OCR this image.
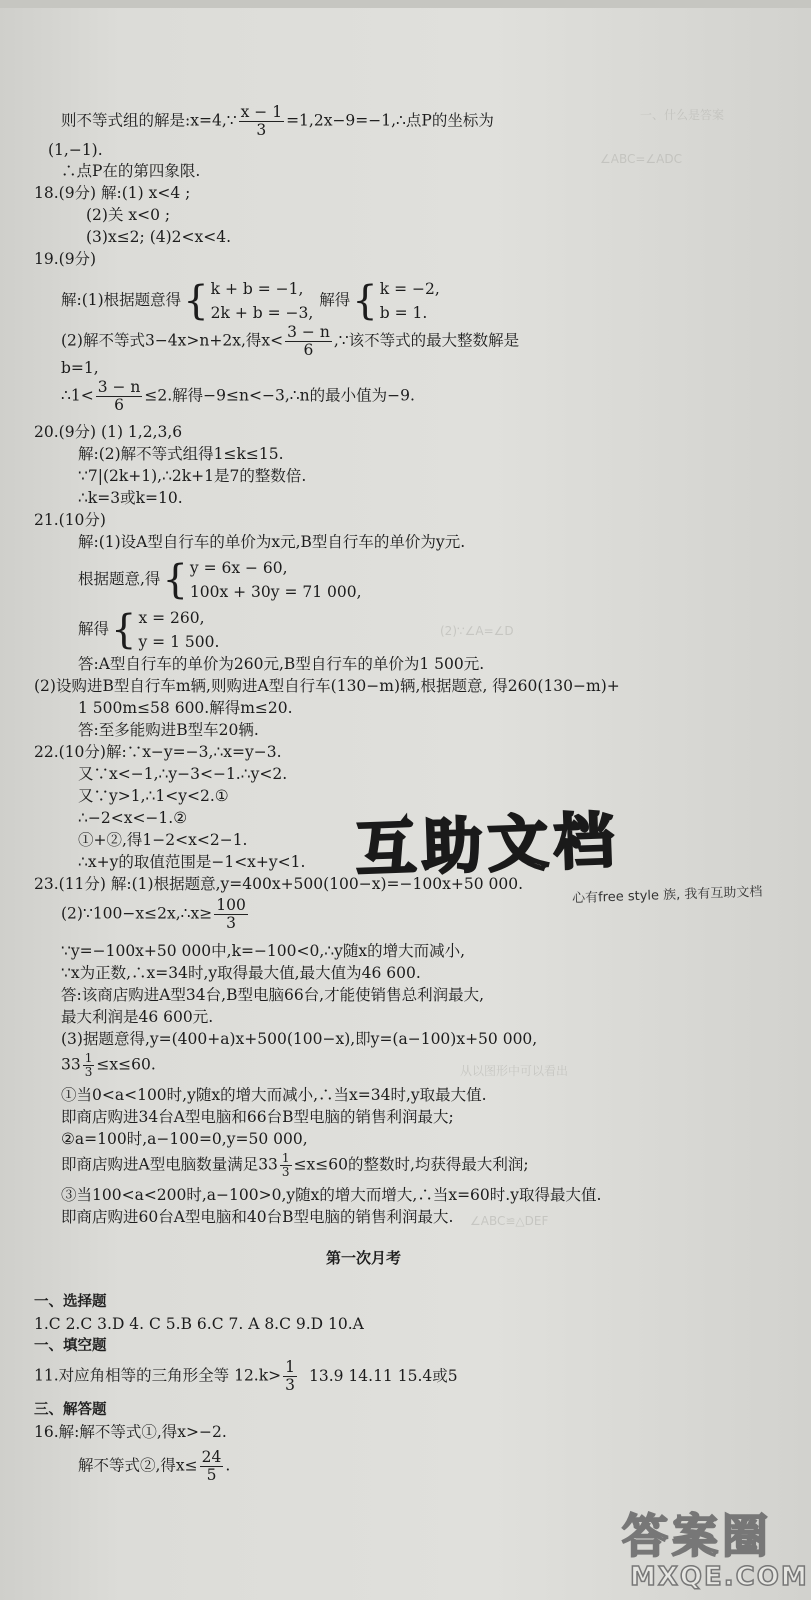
则不等式组的解是:x=4,∵ $\frac{x - 1}{3}$ =1,2x−9=−1,∴点P的坐标为
(1,−1).
∴点P在的第四象限.
18.(9分) 解:(1) x<4 ;
(2)关 x<0 ;
(3)x≤2; (4)2<x<4.
19.(9分)
解:(1)根据题意得{ k + b = −1,
2k + b = −3,
解得{ k = −2,
b = 1.
(2)解不等式3−4x>n+2x,得$x< \frac{3 - n}{6}$ ,∵该不等式的最大整数解是
b=1,
∴1< $\frac{3 - n}{6} \le 2$.解得−9≤n<−3,∴n的最小值为−9.
20.(9分) (1) 1,2,3,6
解:(2)解不等式组得1≤k≤15.
∵7|(2k+1),∴2k+1是7的整数倍.
∴k=3或k=10.
21.(10分)
解:(1)设A型自行车的单价为x元,B型自行车的单价为y元.
根据题意,得{ y = 6x − 60,
100x + 30y = 71 000,
解得{ x = 260,
y = 1 500.
答:A型自行车的单价为260元,B型自行车的单价为1 500元.
(2)设购进B型自行车m辆,则购进A型自行车(130−m)辆,根据题意, 得260(130−m)+
1 500m≤58 600.解得m≤20.
答:至多能购进B型车20辆.
22.(10分)解:∵x−y=−3,∴x=y−3.
又∵x<−1,∴y−3<−1.∴y<2.
又∵y>1,∴1<y<2.①
∴−2<x<−1.②
①+②,得1−2<x<2−1.
∴x+y的取值范围是−1<x+y<1.
23.(11分) 解:(1)根据题意,y=400x+500(100−x)=−100x+50 000.
(2)∵100−x≤2x,∴x≥ $\frac{100}{3}$
∵y=−100x+50 000中,k=−100<0,∴y随x的增大而减小,
∵x为正数,∴x=34时,y取得最大值,最大值为46 600.
答:该商店购进A型34台,B型电脑66台,才能使销售总利润最大,
最大利润是46 600元.
(3)据题意得,y=(400+a)x+500(100−x),即y=(a−100)x+50 000,
$33 \frac{1}{3} \le x\le 60$.
①当0<a<100时,y随x的增大而减小,∴当x=34时,y取最大值.
即商店购进34台A型电脑和66台B型电脑的销售利润最大;
②a=100时,a−100=0,y=50 000,
即商店购进A型电脑数量满足$33 \frac{1}{3} \le x\le 60$的整数时,均获得最大利润;
③当100<a<200时,a−100>0,y随x的增大而增大,∴当x=60时.y取得最大值.
即商店购进60台A型电脑和40台B型电脑的销售利润最大.
第一次月考
一、选择题
1.C 2.C 3.D 4. C 5.B 6.C 7. A 8.C 9.D 10.A
一、填空题
11.对应角相等的三角形全等 $12.k> \frac{1}{3} 13.9$ 14.11 15.4或5
三、解答题
16.解:解不等式①,得x>−2.
解不等式②,得$x\le \frac{24}{5}$ .
一、什么是答案
∠ABC=∠ADC
(2)∵∠A=∠D
从以图形中可以看出
∠ABC≌△DEF
互助文档
心有free style 族, 我有互助文档
答案圈
MXQE.COM
